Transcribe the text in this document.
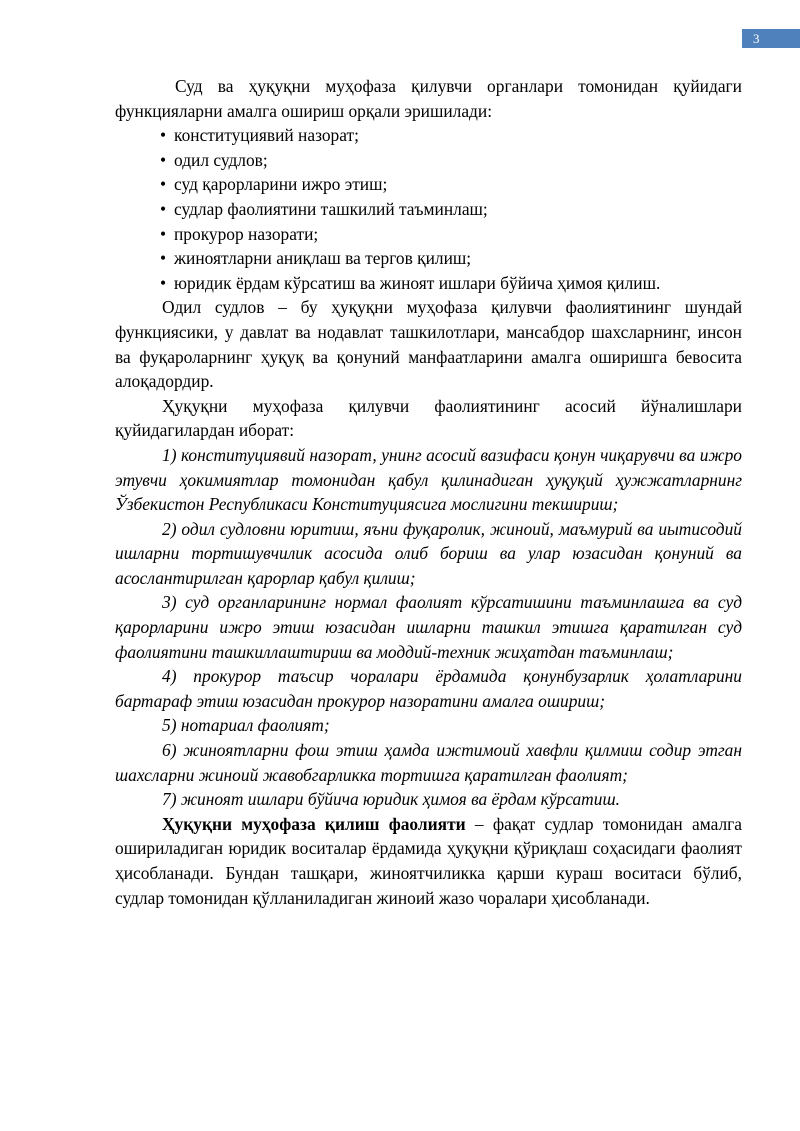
3

Суд ва ҳуқуқни муҳофаза қилувчи органлари томонидан қуйидаги функцияларни амалга ошириш орқали эришилади:

• конституциявий назорат;
• одил судлов;
• суд қарорларини ижро этиш;
• судлар фаолиятини ташкилий таъминлаш;
• прокурор назорати;
• жиноятларни аниқлаш ва тергов қилиш;
• юридик ёрдам кўрсатиш ва жиноят ишлари бўйича ҳимоя қилиш.

Одил судлов – бу ҳуқуқни муҳофаза қилувчи фаолиятининг шундай функциясики, у давлат ва нодавлат ташкилотлари, мансабдор шахсларнинг, инсон ва фуқароларнинг ҳуқуқ ва қонуний манфаатларини амалга оширишга бевосита алоқадордир.

Ҳуқуқни муҳофаза қилувчи фаолиятининг асосий йўналишлари қуйидагилардан иборат:

1) конституциявий назорат, унинг асосий вазифаси қонун чиқарувчи ва ижро этувчи ҳокимиятлар томонидан қабул қилинадиган ҳуқуқий ҳужжатларнинг Ўзбекистон Республикаси Конституциясига мослигини текшириш;

2) одил судловни юритиш, яъни фуқаролик, жиноий, маъмурий ва иытисодий ишларни тортишувчилик асосида олиб бориш ва улар юзасидан қонуний ва асослантирилган қарорлар қабул қилиш;

3) суд органларининг нормал фаолият кўрсатишини таъминлашга ва суд қарорларини ижро этиш юзасидан ишларни ташкил этишга қаратилган суд фаолиятини ташкиллаштириш ва моддий-техник жиҳатдан таъминлаш;

4) прокурор таъсир чоралари ёрдамида қонунбузарлик ҳолатларини бартараф этиш юзасидан прокурор назоратини амалга ошириш;

5) нотариал фаолият;

6) жиноятларни фош этиш ҳамда ижтимоий хавфли қилмиш содир этган шахсларни жиноий жавобгарликка тортишга қаратилган фаолият;

7) жиноят ишлари бўйича юридик ҳимоя ва ёрдам кўрсатиш.

Ҳуқуқни муҳофаза қилиш фаолияти – фақат судлар томонидан амалга ошириладиган юридик воситалар ёрдамида ҳуқуқни қўриқлаш соҳасидаги фаолият ҳисобланади. Бундан ташқари, жиноятчиликка қарши кураш воситаси бўлиб, судлар томонидан қўлланиладиган жиноий жазо чоралари ҳисобланади.
